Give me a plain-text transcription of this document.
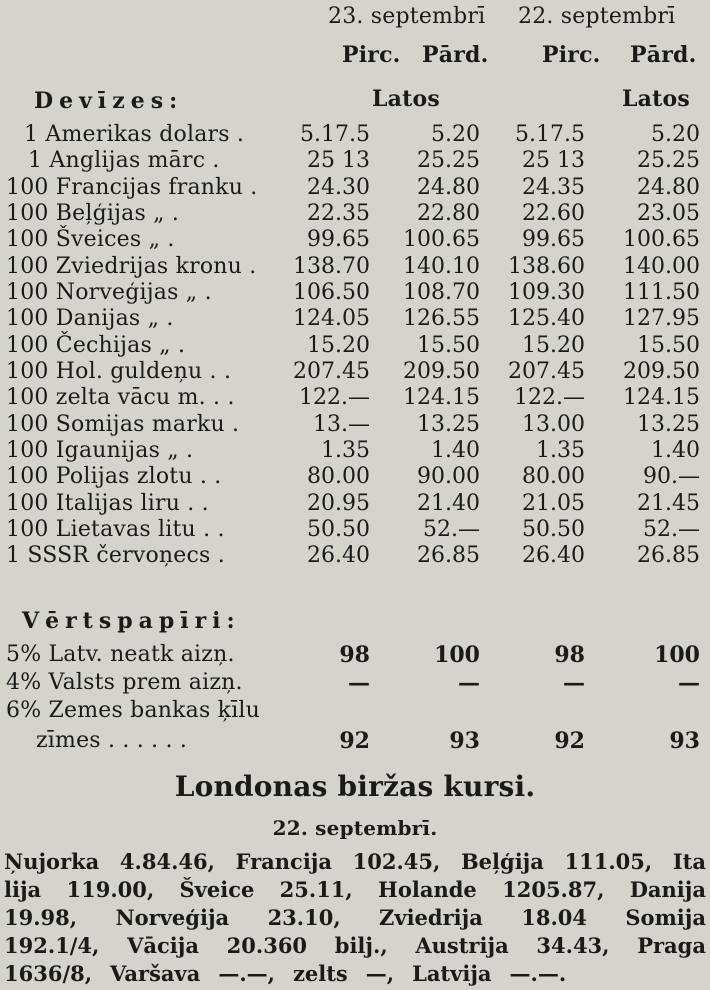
23. septembrī 22. septembrī
Pirc. Pārd. Pirc. Pārd.
Devīzes:	Latos	Latos
1 Amerikas dolars .	5.17.5	5.20	5.17.5	5.20
1 Anglijas mārc .	25 13	25.25	25 13	25.25
100 Francijas franku .	24.30	24.80	24.35	24.80
100 Beļģijas „ .	22.35	22.80	22.60	23.05
100 Šveices „ .	99.65	100.65	99.65	100.65
100 Zviedrijas kronu .	138.70	140.10	138.60	140.00
100 Norveģijas „ .	106.50	108.70	109.30	111.50
100 Danijas „ .	124.05	126.55	125.40	127.95
100 Čechijas „ .	15.20	15.50	15.20	15.50
100 Hol. guldeņu . .	207.45	209.50	207.45	209.50
100 zelta vācu m. . .	122.—	124.15	122.—	124.15
100 Somijas marku .	13.—	13.25	13.00	13.25
100 Igaunijas „ .	1.35	1.40	1.35	1.40
100 Polijas zlotu . .	80.00	90.00	80.00	90.—
100 Italijas liru . .	20.95	21.40	21.05	21.45
100 Lietavas litu . .	50.50	52.—	50.50	52.—
1 SSSR červoņecs .	26.40	26.85	26.40	26.85
Vērtspapīri:
5% Latv. neatk aizņ.	98	100	98	100
4% Valsts prem aizņ.	—	—	—	—
6% Zemes bankas ķīlu
zīmes . . . . . .	92	93	92	93
Londonas biržas kursi.
22. septembrī.
Ņujorka 4.84.46, Francija 102.45, Beļģija 111.05, Ita
lija 119.00, Šveice 25.11, Holande 1205.87, Danija
19.98, Norveģija 23.10, Zviedrija 18.04 Somija
192.1/4, Vācija 20.360 bilj., Austrija 34.43, Praga
1636/8, Varšava —.—, zelts —, Latvija —.—.
